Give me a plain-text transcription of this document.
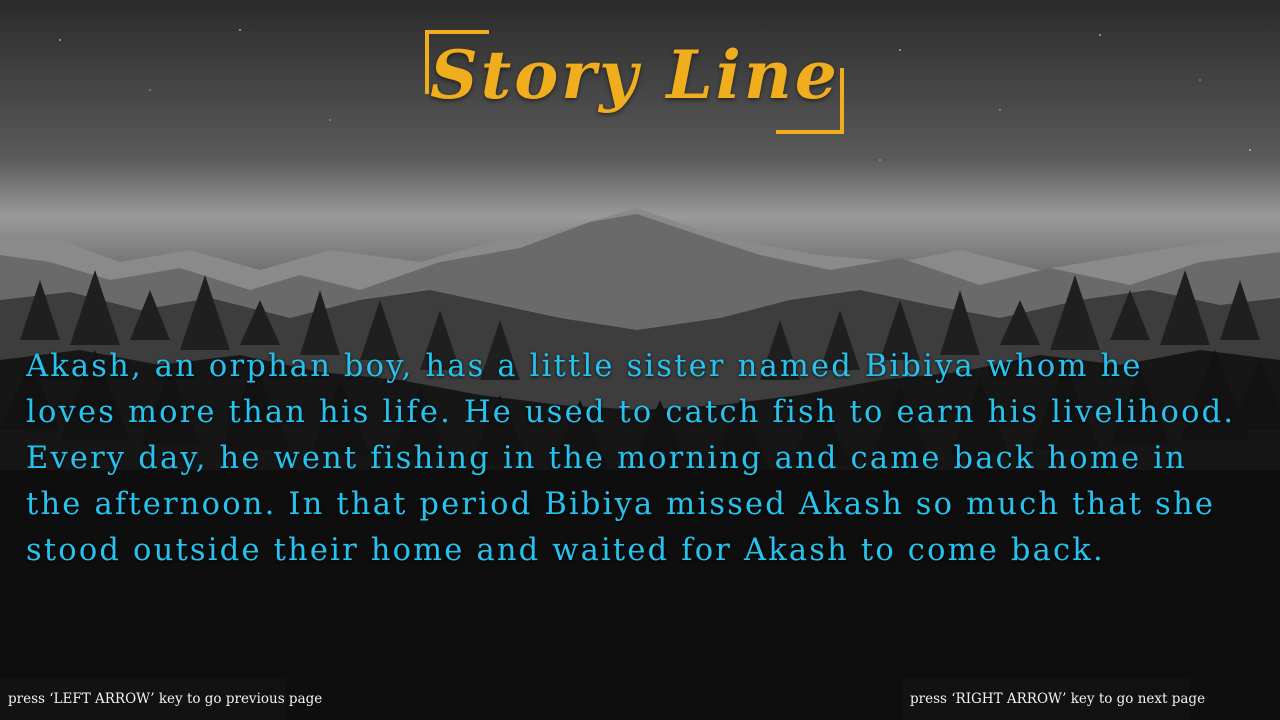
Story Line

Akash, an orphan boy, has a little sister named Bibiya whom he loves more than his life. He used to catch fish to earn his livelihood. Every day, he went fishing in the morning and came back home in the afternoon. In that period Bibiya missed Akash so much that she stood outside their home and waited for Akash to come back.

press ‘LEFT ARROW’ key to go previous page	press ‘RIGHT ARROW’ key to go next page
